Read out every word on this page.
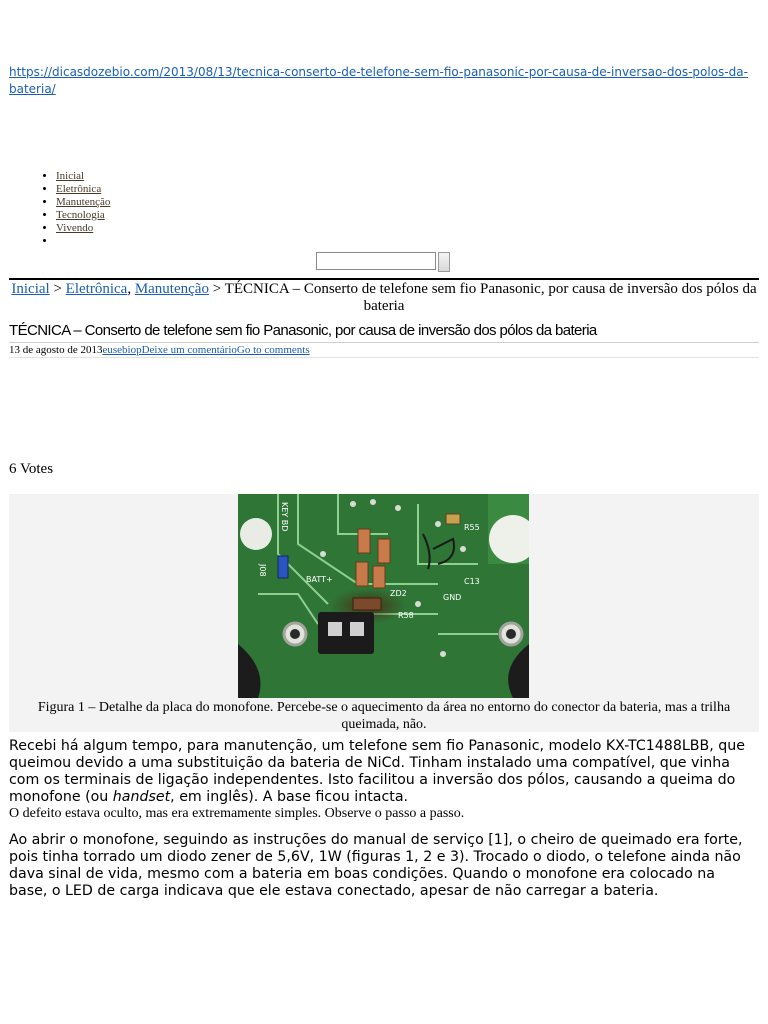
https://dicasdozebio.com/2013/08/13/tecnica-conserto-de-telefone-sem-fio-panasonic-por-causa-de-inversao-dos-polos-da-bateria/
• Inicial
• Eletrônica
• Manutenção
• Tecnologia
• Vivendo
•
Inicial > Eletrônica, Manutenção > TÉCNICA – Conserto de telefone sem fio Panasonic, por causa de inversão dos pólos da bateria
TÉCNICA – Conserto de telefone sem fio Panasonic, por causa de inversão dos pólos da bateria
13 de agosto de 2013eusebiopDeixe um comentárioGo to comments
6 Votes
KEY BD
BATT+
GND
C13
R55
ZD2
R58
J08
Figura 1 – Detalhe da placa do monofone. Percebe-se o aquecimento da área no entorno do conector da bateria, mas a trilha queimada, não.

Recebi há algum tempo, para manutenção, um telefone sem fio Panasonic, modelo KX-TC1488LBB, que queimou devido a uma substituição da bateria de NiCd. Tinham instalado uma compatível, que vinha com os terminais de ligação independentes. Isto facilitou a inversão dos pólos, causando a queima do monofone (ou handset, em inglês). A base ficou intacta.

O defeito estava oculto, mas era extremamente simples. Observe o passo a passo.

Ao abrir o monofone, seguindo as instruções do manual de serviço [1], o cheiro de queimado era forte, pois tinha torrado um diodo zener de 5,6V, 1W (figuras 1, 2 e 3). Trocado o diodo, o telefone ainda não dava sinal de vida, mesmo com a bateria em boas condições. Quando o monofone era colocado na base, o LED de carga indicava que ele estava conectado, apesar de não carregar a bateria.
